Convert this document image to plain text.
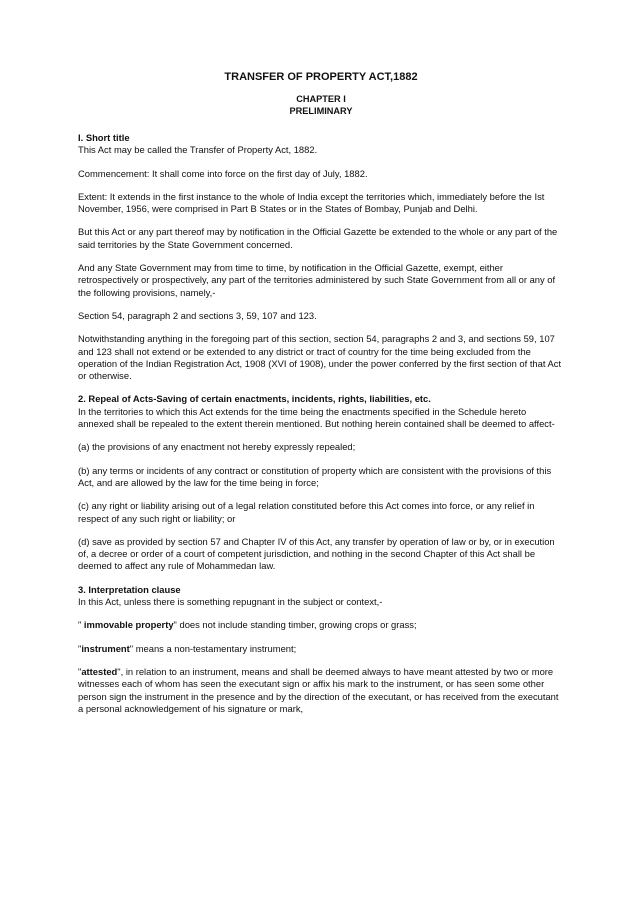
TRANSFER OF PROPERTY ACT,1882
CHAPTER I
PRELIMINARY

I. Short title
This Act may be called the Transfer of Property Act, 1882.

Commencement: It shall come into force on the first day of July, 1882.

Extent: It extends in the first instance to the whole of India except the territories which, immediately before the Ist November, 1956, were comprised in Part B States or in the States of Bombay, Punjab and Delhi.

But this Act or any part thereof may by notification in the Official Gazette be extended to the whole or any part of the said territories by the State Government concerned.

And any State Government may from time to time, by notification in the Official Gazette, exempt, either retrospectively or prospectively, any part of the territories administered by such State Government from all or any of the following provisions, namely,-

Section 54, paragraph 2 and sections 3, 59, 107 and 123.

Notwithstanding anything in the foregoing part of this section, section 54, paragraphs 2 and 3, and sections 59, 107 and 123 shall not extend or be extended to any district or tract of country for the time being excluded from the operation of the Indian Registration Act, 1908 (XVI of 1908), under the power conferred by the first section of that Act or otherwise.

2. Repeal of Acts-Saving of certain enactments, incidents, rights, liabilities, etc.
In the territories to which this Act extends for the time being the enactments specified in the Schedule hereto annexed shall be repealed to the extent therein mentioned. But nothing herein contained shall be deemed to affect-

(a) the provisions of any enactment not hereby expressly repealed;

(b) any terms or incidents of any contract or constitution of property which are consistent with the provisions of this Act, and are allowed by the law for the time being in force;

(c) any right or liability arising out of a legal relation constituted before this Act comes into force, or any relief in respect of any such right or liability; or

(d) save as provided by section 57 and Chapter IV of this Act, any transfer by operation of law or by, or in execution of, a decree or order of a court of competent jurisdiction, and nothing in the second Chapter of this Act shall be deemed to affect any rule of Mohammedan law.

3. Interpretation clause
In this Act, unless there is something repugnant in the subject or context,-

" immovable property" does not include standing timber, growing crops or grass;

"instrument" means a non-testamentary instrument;

"attested", in relation to an instrument, means and shall be deemed always to have meant attested by two or more witnesses each of whom has seen the executant sign or affix his mark to the instrument, or has seen some other person sign the instrument in the presence and by the direction of the executant, or has received from the executant a personal acknowledgement of his signature or mark,
